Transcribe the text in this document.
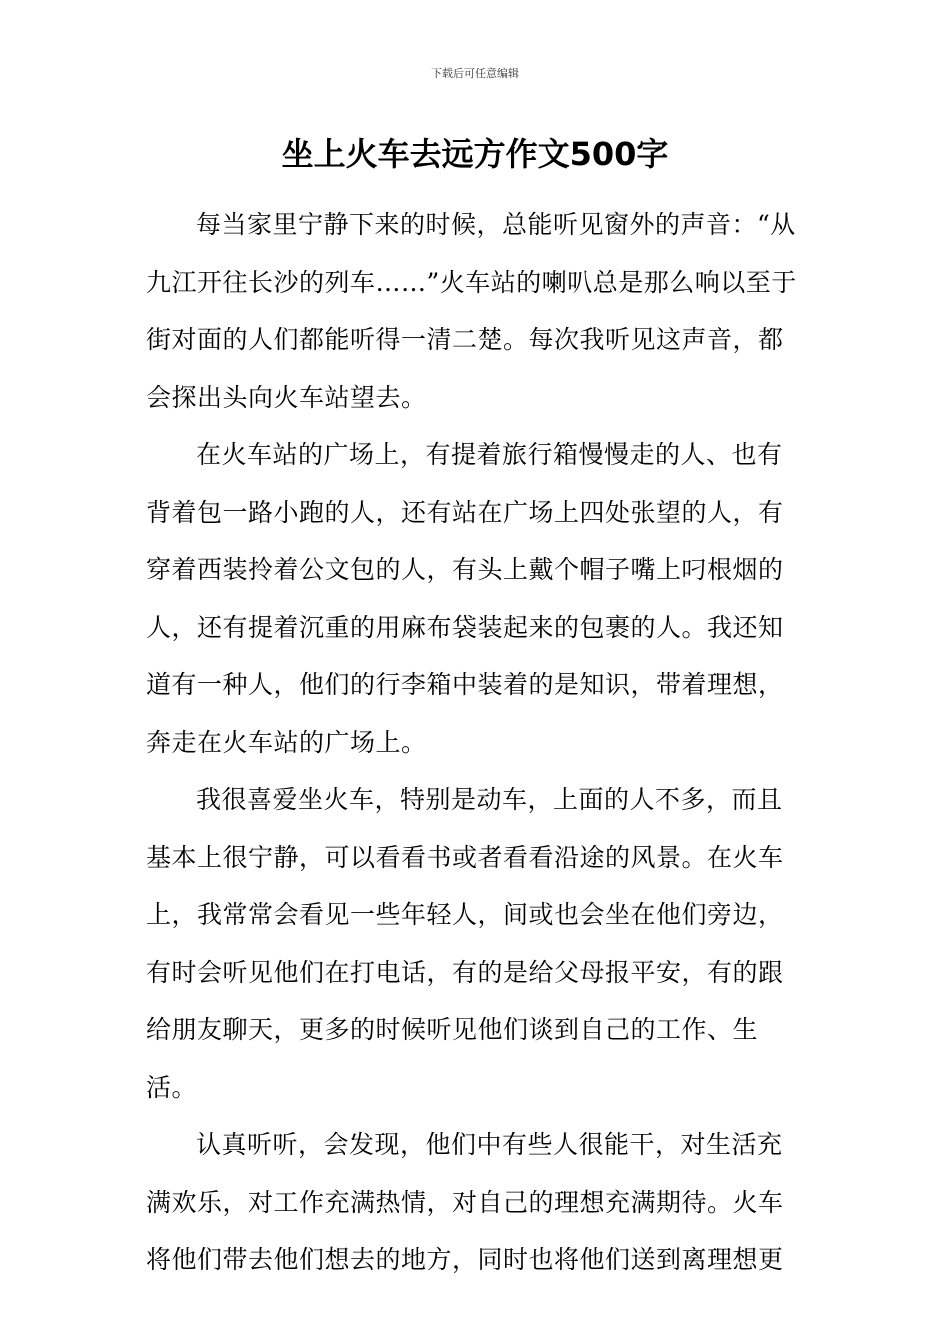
下载后可任意编辑
坐上火车去远方作文500字

每当家里宁静下来的时候，总能听见窗外的声音：“从九江开往长沙的列车……”火车站的喇叭总是那么响以至于街对面的人们都能听得一清二楚。每次我听见这声音，都会探出头向火车站望去。

在火车站的广场上，有提着旅行箱慢慢走的人、也有背着包一路小跑的人，还有站在广场上四处张望的人，有穿着西装拎着公文包的人，有头上戴个帽子嘴上叼根烟的人，还有提着沉重的用麻布袋装起来的包裹的人。我还知道有一种人，他们的行李箱中装着的是知识，带着理想，奔走在火车站的广场上。

我很喜爱坐火车，特别是动车，上面的人不多，而且基本上很宁静，可以看看书或者看看沿途的风景。在火车上，我常常会看见一些年轻人，间或也会坐在他们旁边，有时会听见他们在打电话，有的是给父母报平安，有的跟给朋友聊天，更多的时候听见他们谈到自己的工作、生活。

认真听听，会发现，他们中有些人很能干，对生活充满欢乐，对工作充满热情，对自己的理想充满期待。火车将他们带去他们想去的地方，同时也将他们送到离理想更
